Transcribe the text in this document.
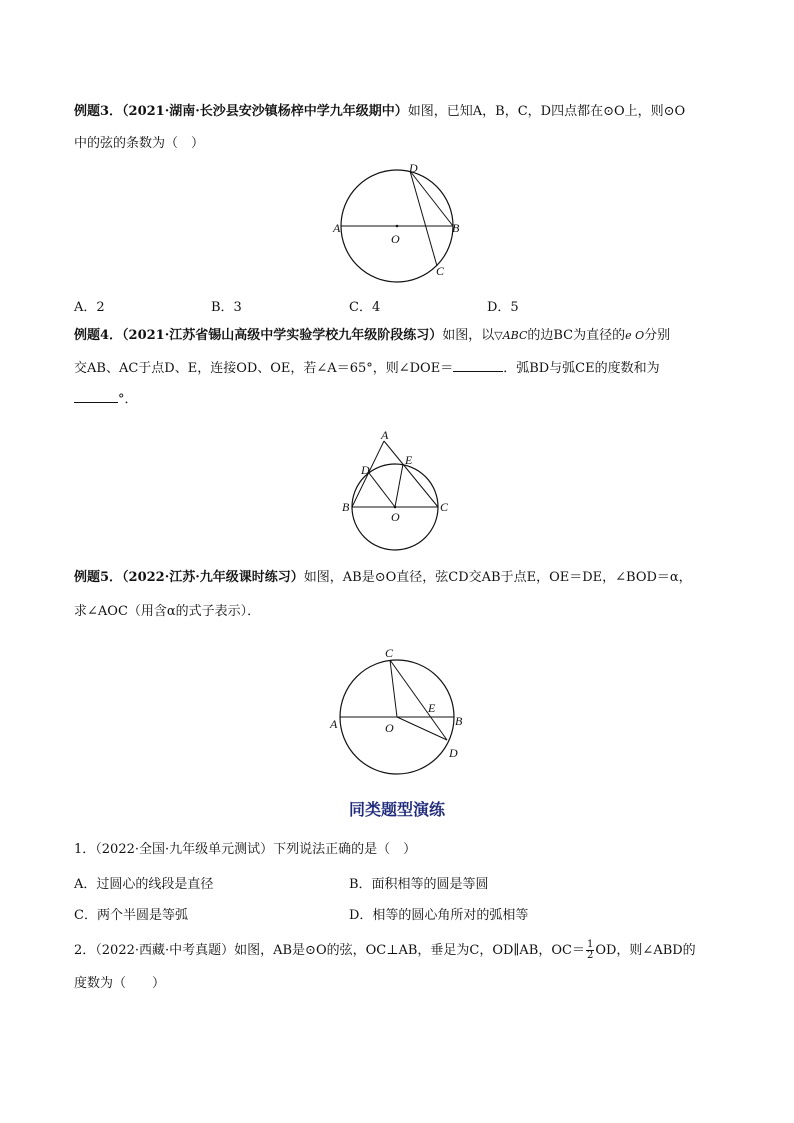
例题3．（2021·湖南·长沙县安沙镇杨梓中学九年级期中）如图，已知A，B，C，D四点都在⊙O上，则⊙O
中的弦的条数为（　）
A	B
C
D
O
A．2	B．3	C．4	D．5
例题4．（2021·江苏省锡山高级中学实验学校九年级阶段练习）如图，以▽ABC的边BC为直径的e O分别
交AB、AC于点D、E，连接OD、OE，若∠A＝65°，则∠DOE＝	．弧BD与弧CE的度数和为
°．
A
B	C
D
E
O
例题5．（2022·江苏·九年级课时练习）如图，AB是⊙O直径，弦CD交AB于点E，OE＝DE，∠BOD＝α，
求∠AOC（用含α的式子表示）．
A	B
C
D
E
O
同类题型演练
1．（2022·全国·九年级单元测试）下列说法正确的是（　）
A．过圆心的线段是直径	B．面积相等的圆是等圆
C．两个半圆是等弧	D．相等的圆心角所对的弧相等
2．（2022·西藏·中考真题）如图，AB是⊙O的弦，OC⊥AB，垂足为C，OD∥AB，$OC= \frac{1}{2}$ OD，则∠ABD的
度数为（　　）
